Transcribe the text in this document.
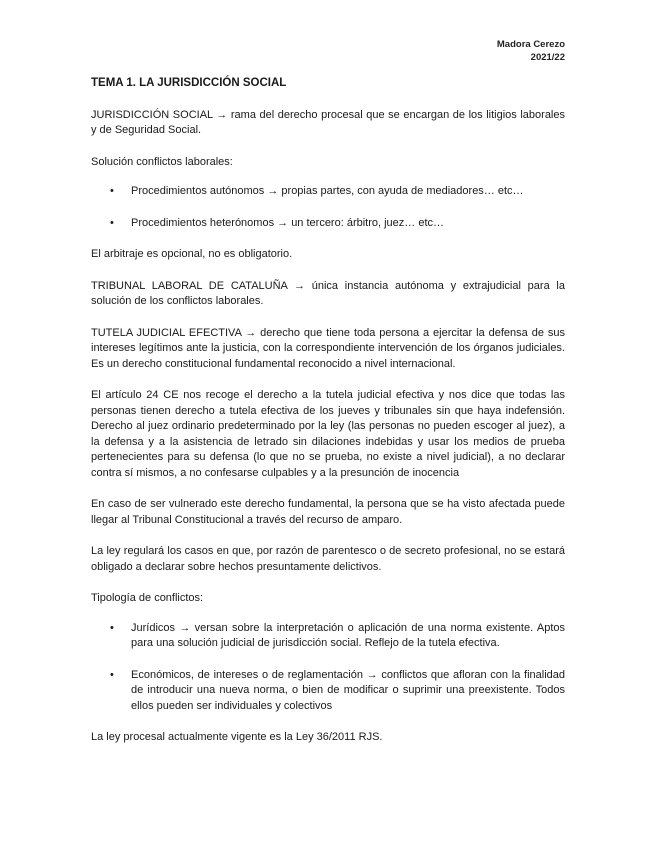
Madora Cerezo
2021/22
TEMA 1. LA JURISDICCIÓN SOCIAL

JURISDICCIÓN SOCIAL → rama del derecho procesal que se encargan de los litigios laborales y de Seguridad Social.

Solución conflictos laborales:

• Procedimientos autónomos → propias partes, con ayuda de mediadores… etc…
• Procedimientos heterónomos → un tercero: árbitro, juez… etc…

El arbitraje es opcional, no es obligatorio.

TRIBUNAL LABORAL DE CATALUÑA → única instancia autónoma y extrajudicial para la solución de los conflictos laborales.

TUTELA JUDICIAL EFECTIVA → derecho que tiene toda persona a ejercitar la defensa de sus intereses legítimos ante la justicia, con la correspondiente intervención de los órganos judiciales. Es un derecho constitucional fundamental reconocido a nivel internacional.

El artículo 24 CE nos recoge el derecho a la tutela judicial efectiva y nos dice que todas las personas tienen derecho a tutela efectiva de los jueves y tribunales sin que haya indefensión. Derecho al juez ordinario predeterminado por la ley (las personas no pueden escoger al juez), a la defensa y a la asistencia de letrado sin dilaciones indebidas y usar los medios de prueba pertenecientes para su defensa (lo que no se prueba, no existe a nivel judicial), a no declarar contra sí mismos, a no confesarse culpables y a la presunción de inocencia

En caso de ser vulnerado este derecho fundamental, la persona que se ha visto afectada puede llegar al Tribunal Constitucional a través del recurso de amparo.

La ley regulará los casos en que, por razón de parentesco o de secreto profesional, no se estará obligado a declarar sobre hechos presuntamente delictivos.

Tipología de conflictos:

• Jurídicos → versan sobre la interpretación o aplicación de una norma existente. Aptos para una solución judicial de jurisdicción social. Reflejo de la tutela efectiva.
• Económicos, de intereses o de reglamentación → conflictos que afloran con la finalidad de introducir una nueva norma, o bien de modificar o suprimir una preexistente. Todos ellos pueden ser individuales y colectivos

La ley procesal actualmente vigente es la Ley 36/2011 RJS.
